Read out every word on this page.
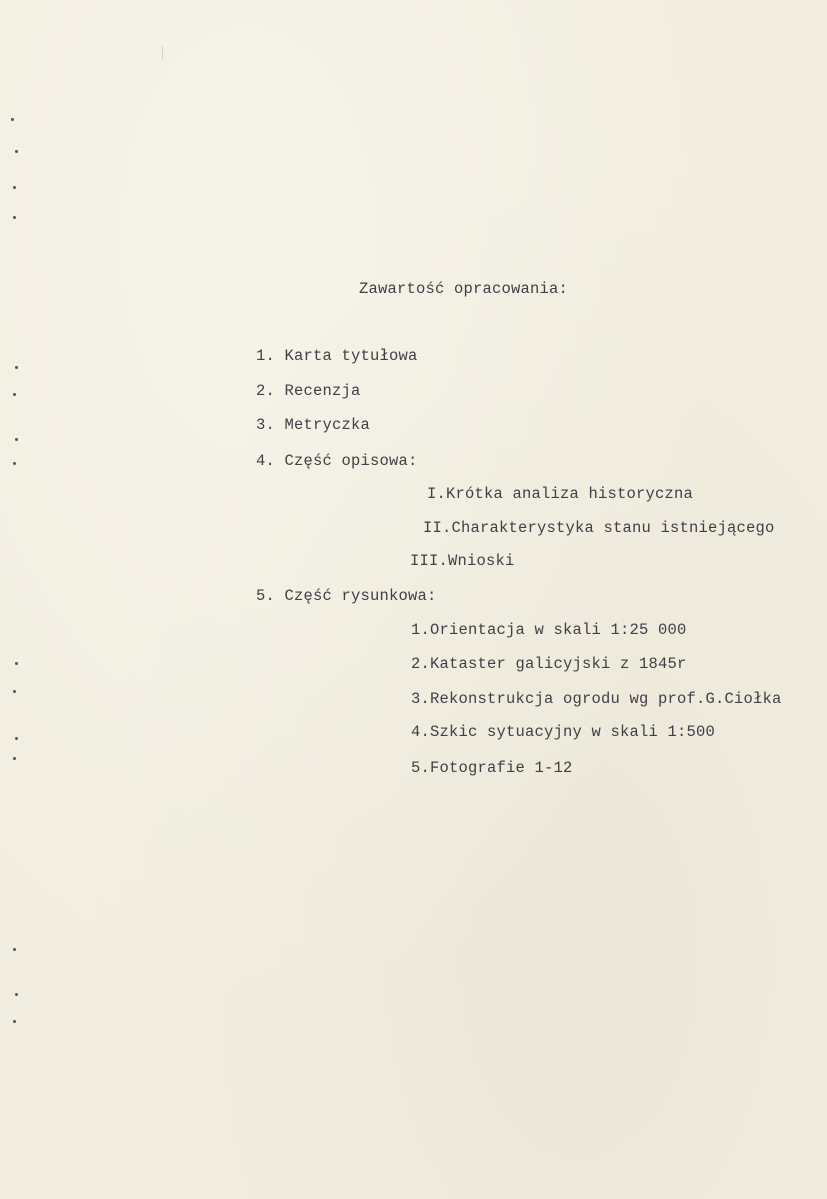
Zawartość opracowania:
1. Karta tytułowa
2. Recenzja
3. Metryczka
4. Część opisowa:
I.Krótka analiza historyczna
II.Charakterystyka stanu istniejącego
III.Wnioski
5. Część rysunkowa:
1.Orientacja w skali 1:25 000
2.Kataster galicyjski z 1845r
3.Rekonstrukcja ogrodu wg prof.G.Ciołka
4.Szkic sytuacyjny w skali 1:500
5.Fotografie 1-12
